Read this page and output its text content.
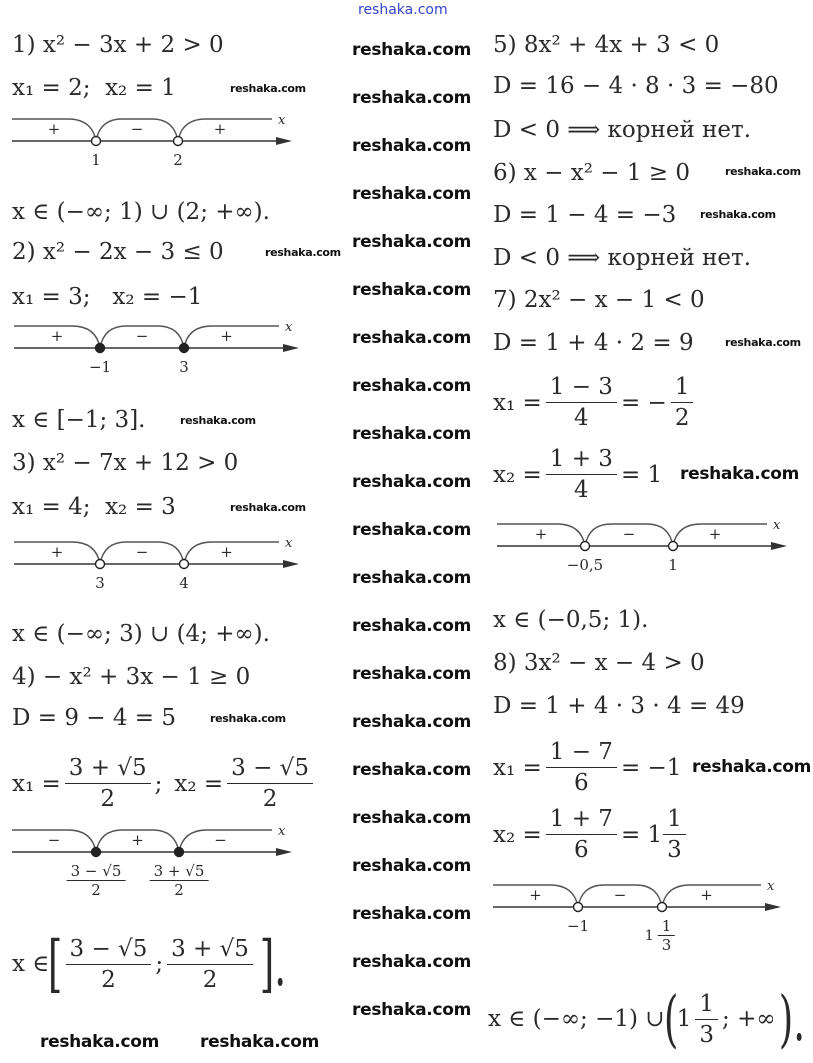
reshaka.com
1) x² − 3x + 2 > 0
x₁ = 2;  x₂ = 1
+	−	+	x
1	2
x ∈ (−∞; 1) ∪ (2; +∞).
2) x² − 2x − 3 ≤ 0
x₁ = 3;   x₂ = −1
+	−	+	x
−1	3
x ∈ [−1; 3].
3) x² − 7x + 12 > 0
x₁ = 4;  x₂ = 3
+	−	+	x
3	4
x ∈ (−∞; 3) ∪ (4; +∞).
4) − x² + 3x − 1 ≥ 0
D = 9 − 4 = 5
$x_1 = \frac{3 + √5}{2}$ ; $x_2 = \frac{3 - √5}{2}$
−	+	−	x
$\frac{3 - √5}{2} \frac{3 + √5}{2}$
x ∈
[ $\frac{3 - √5}{2}$ ; $\frac{3 + √5}{2}$ ].
5) 8x² + 4x + 3 < 0
D = 16 − 4 · 8 · 3 = −80
D < 0 ⟹ корней нет.
6) x − x² − 1 ≥ 0
D = 1 − 4 = −3
D < 0 ⟹ корней нет.
7) 2x² − x − 1 < 0
D = 1 + 4 · 2 = 9
$x_1 = \frac{1 - 3}{4}$ = − $\frac{1}{2}$
$x_2 = \frac{1 + 3}{4} = 1$
+	−	+	x
−0,5	1
x ∈ (−0,5; 1).
8) 3x² − x − 4 > 0
D = 1 + 4 · 3 · 4 = 49
$x_1 = \frac{1 - 7}{6} = -1$
$x_2 = \frac{1 + 7}{6} = 1 \frac{1}{3}$
+	−	+	x
−1
$1 \frac{1}{3}$
x ∈ (−∞; −1) ∪
(
$1 \frac{1}{3}$ ; +∞ ).
reshaka.com
reshaka.com
reshaka.com
reshaka.com
reshaka.com
reshaka.com
reshaka.com
reshaka.com
reshaka.com
reshaka.com
reshaka.com
reshaka.com
reshaka.com
reshaka.com
reshaka.com
reshaka.com
reshaka.com
reshaka.com
reshaka.com
reshaka.com
reshaka.com
reshaka.com reshaka.com
reshaka.com
reshaka.com
reshaka.com
reshaka.com
reshaka.com
reshaka.com
reshaka.com
reshaka.com
reshaka.com
reshaka.com
